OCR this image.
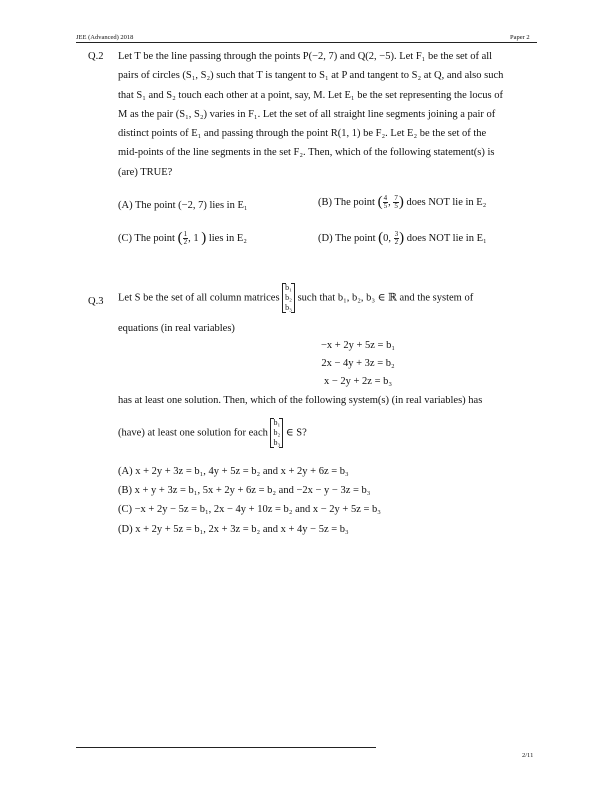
JEE (Advanced) 2018	Paper 2
Q.2 Let T be the line passing through the points P(−2, 7) and Q(2, −5). Let F₁ be the set of all
pairs of circles (S₁, S₂) such that T is tangent to S₁ at P and tangent to S₂ at Q, and also such
that S₁ and S₂ touch each other at a point, say, M. Let E₁ be the set representing the locus of
M as the pair (S₁, S₂) varies in F₁. Let the set of all straight line segments joining a pair of
distinct points of E₁ and passing through the point R(1, 1) be F₂. Let E₂ be the set of the
mid-points of the line segments in the set F₂. Then, which of the following statement(s) is
(are) TRUE?
(A) The point (−2, 7) lies in E₁	(B) The point ( $\frac{4}{5}$ , $\frac{7}{5}$ ) does NOT lie in E₂
(C) The point ( $\frac{1}{2}$ , 1 ) lies in E₂	(D) The point (0, $\frac{3}{2}$ ) does NOT lie in E₁
Q.3 Let S be the set of all column matrices
b₁
b₂
b₃
such that b₁, b₂, b₃ ∈ ℝ and the system of
equations (in real variables)
−x + 2y + 5z = b₁
2x − 4y + 3z = b₂
x − 2y + 2z = b₃
has at least one solution. Then, which of the following system(s) (in real variables) has
(have) at least one solution for each
b₁
b₂
b₃
∈ S?
(A) x + 2y + 3z = b₁, 4y + 5z = b₂ and x + 2y + 6z = b₃
(B) x + y + 3z = b₁, 5x + 2y + 6z = b₂ and −2x − y − 3z = b₃
(C) −x + 2y − 5z = b₁, 2x − 4y + 10z = b₂ and x − 2y + 5z = b₃
(D) x + 2y + 5z = b₁, 2x + 3z = b₂ and x + 4y − 5z = b₃
2/11
